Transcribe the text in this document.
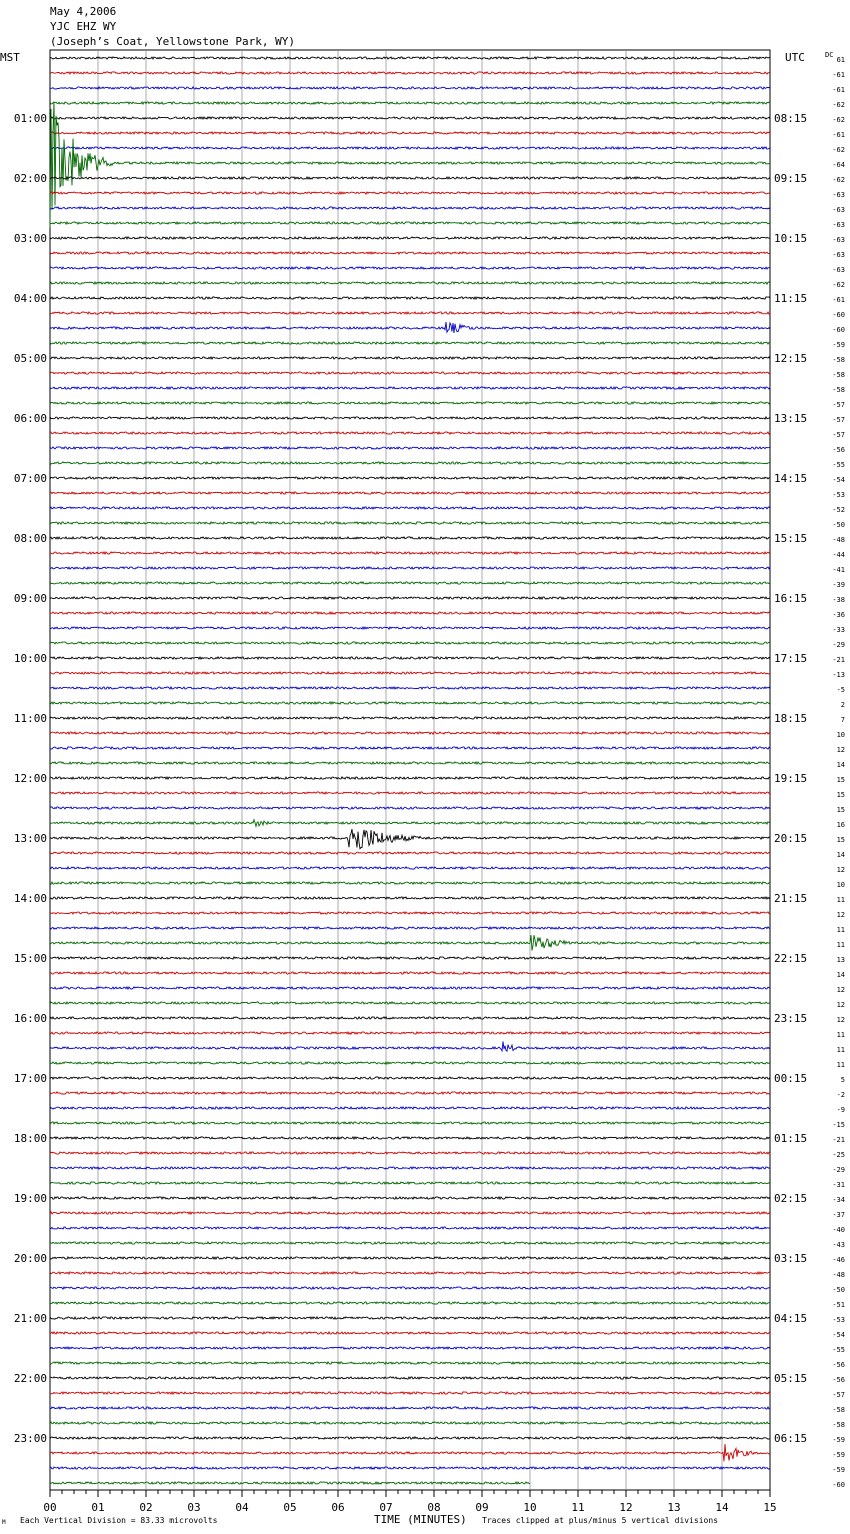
May 4,2006
YJC EHZ WY
(Joseph’s Coat, Yellowstone Park, WY)
61
-61
-61
-62
-62
-61
-62
-64
-62
-63
-63
-63
-63
-63
-63
-62
-61
-60
-60
-59
-58
-58
-58
-57
-57
-57
-56
-55
-54
-53
-52
-50
-48
-44
-41
-39
-38
-36
-33
-29
-21
-13
-5
2
7
10
12
14
15
15
15
16
15
14
12
10
11
12
11
11
13
14
12
12
12
11
11
11
5
-2
-9
-15
-21
-25
-29
-31
-34
-37
-40
-43
-46
-48
-50
-51
-53
-54
-55
-56
-56
-57
-58
-58
-59
-59
-59
-60
DC
MST	UTC
01:00
02:00
03:00
04:00
05:00
06:00
07:00
08:00
09:00
10:00
11:00
12:00
13:00
14:00
15:00
16:00
17:00
18:00
19:00
20:00
21:00
22:00
23:00
08:15
09:15
10:15
11:15
12:15
13:15
14:15
15:15
16:15
17:15
18:15
19:15
20:15
21:15
22:15
23:15
00:15
01:15
02:15
03:15
04:15
05:15
06:15
00	01	02	03	04	05	06	07	08	09	10	11	12	13	14	15
M Each Vertical Division = 83.33 microvolts	TIME (MINUTES) Traces clipped at plus/minus 5 vertical divisions
